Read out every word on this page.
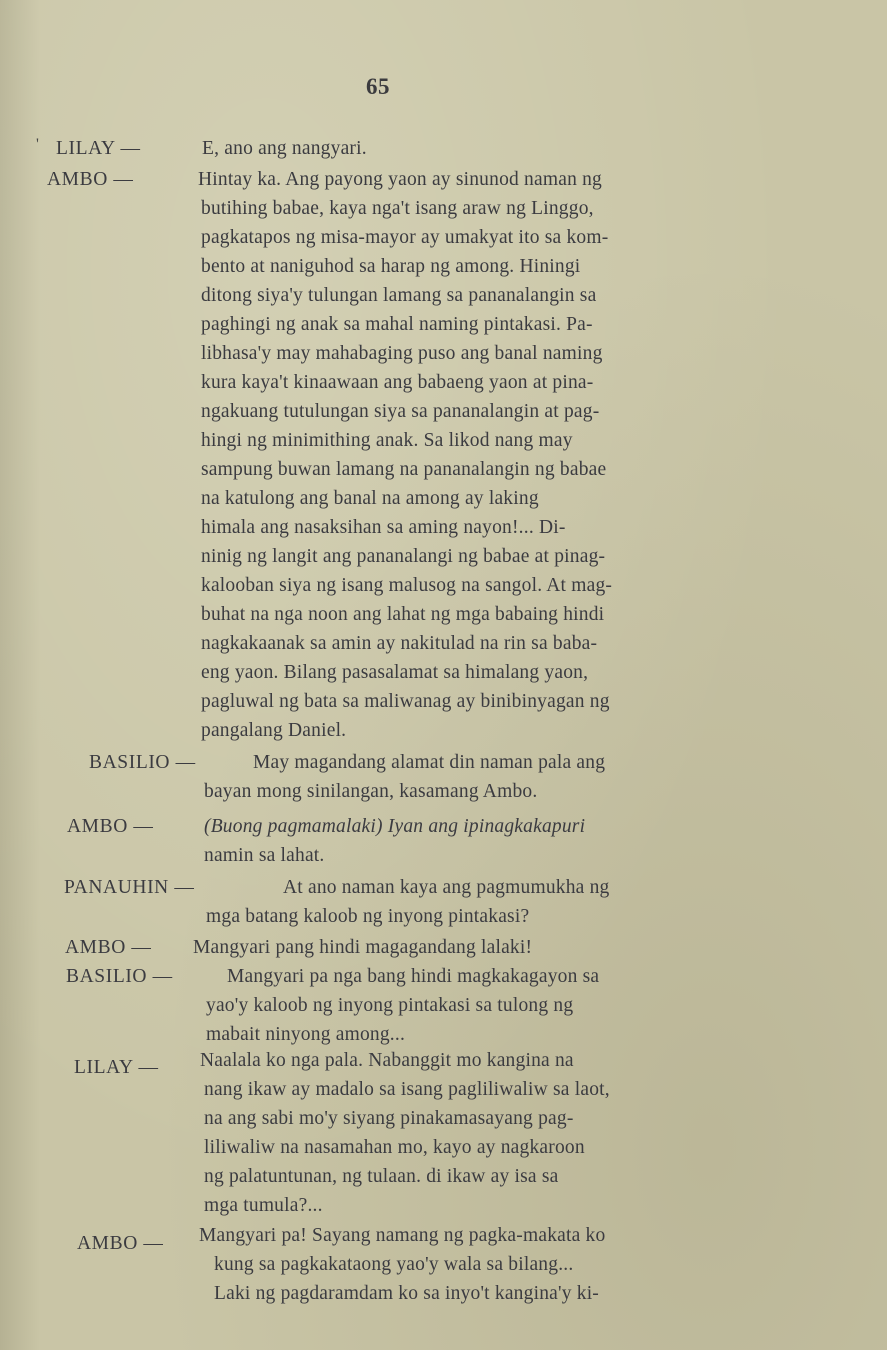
65
' LILAY —	E, ano ang nangyari.
AMBO —	Hintay ka. Ang payong yaon ay sinunod naman ng
butihing babae, kaya nga't isang araw ng Linggo,
pagkatapos ng misa-mayor ay umakyat ito sa kom-
bento at naniguhod sa harap ng among. Hiningi
ditong siya'y tulungan lamang sa pananalangin sa
paghingi ng anak sa mahal naming pintakasi. Pa-
libhasa'y may mahabaging puso ang banal naming
kura kaya't kinaawaan ang babaeng yaon at pina-
ngakuang tutulungan siya sa pananalangin at pag-
hingi ng minimithing anak. Sa likod nang may
sampung buwan lamang na pananalangin ng babae
na katulong ang banal na among ay laking
himala ang nasaksihan sa aming nayon!... Di-
ninig ng langit ang pananalangi ng babae at pinag-
kalooban siya ng isang malusog na sangol. At mag-
buhat na nga noon ang lahat ng mga babaing hindi
nagkakaanak sa amin ay nakitulad na rin sa baba-
eng yaon. Bilang pasasalamat sa himalang yaon,
pagluwal ng bata sa maliwanag ay binibinyagan ng
pangalang Daniel.
BASILIO —	May magandang alamat din naman pala ang
bayan mong sinilangan, kasamang Ambo.
AMBO —	(Buong pagmamalaki) Iyan ang ipinagkakapuri
namin sa lahat.
PANAUHIN —	At ano naman kaya ang pagmumukha ng
mga batang kaloob ng inyong pintakasi?
AMBO — Mangyari pang hindi magagandang lalaki!
BASILIO —	Mangyari pa nga bang hindi magkakagayon sa
yao'y kaloob ng inyong pintakasi sa tulong ng
mabait ninyong among...
LILAY — Naalala ko nga pala. Nabanggit mo kangina na
nang ikaw ay madalo sa isang pagliliwaliw sa laot,
na ang sabi mo'y siyang pinakamasayang pag-
liliwaliw na nasamahan mo, kayo ay nagkaroon
ng palatuntunan, ng tulaan. di ikaw ay isa sa
mga tumula?...
AMBO — Mangyari pa! Sayang namang ng pagka-makata ko
kung sa pagkakataong yao'y wala sa bilang...
Laki ng pagdaramdam ko sa inyo't kangina'y ki-
